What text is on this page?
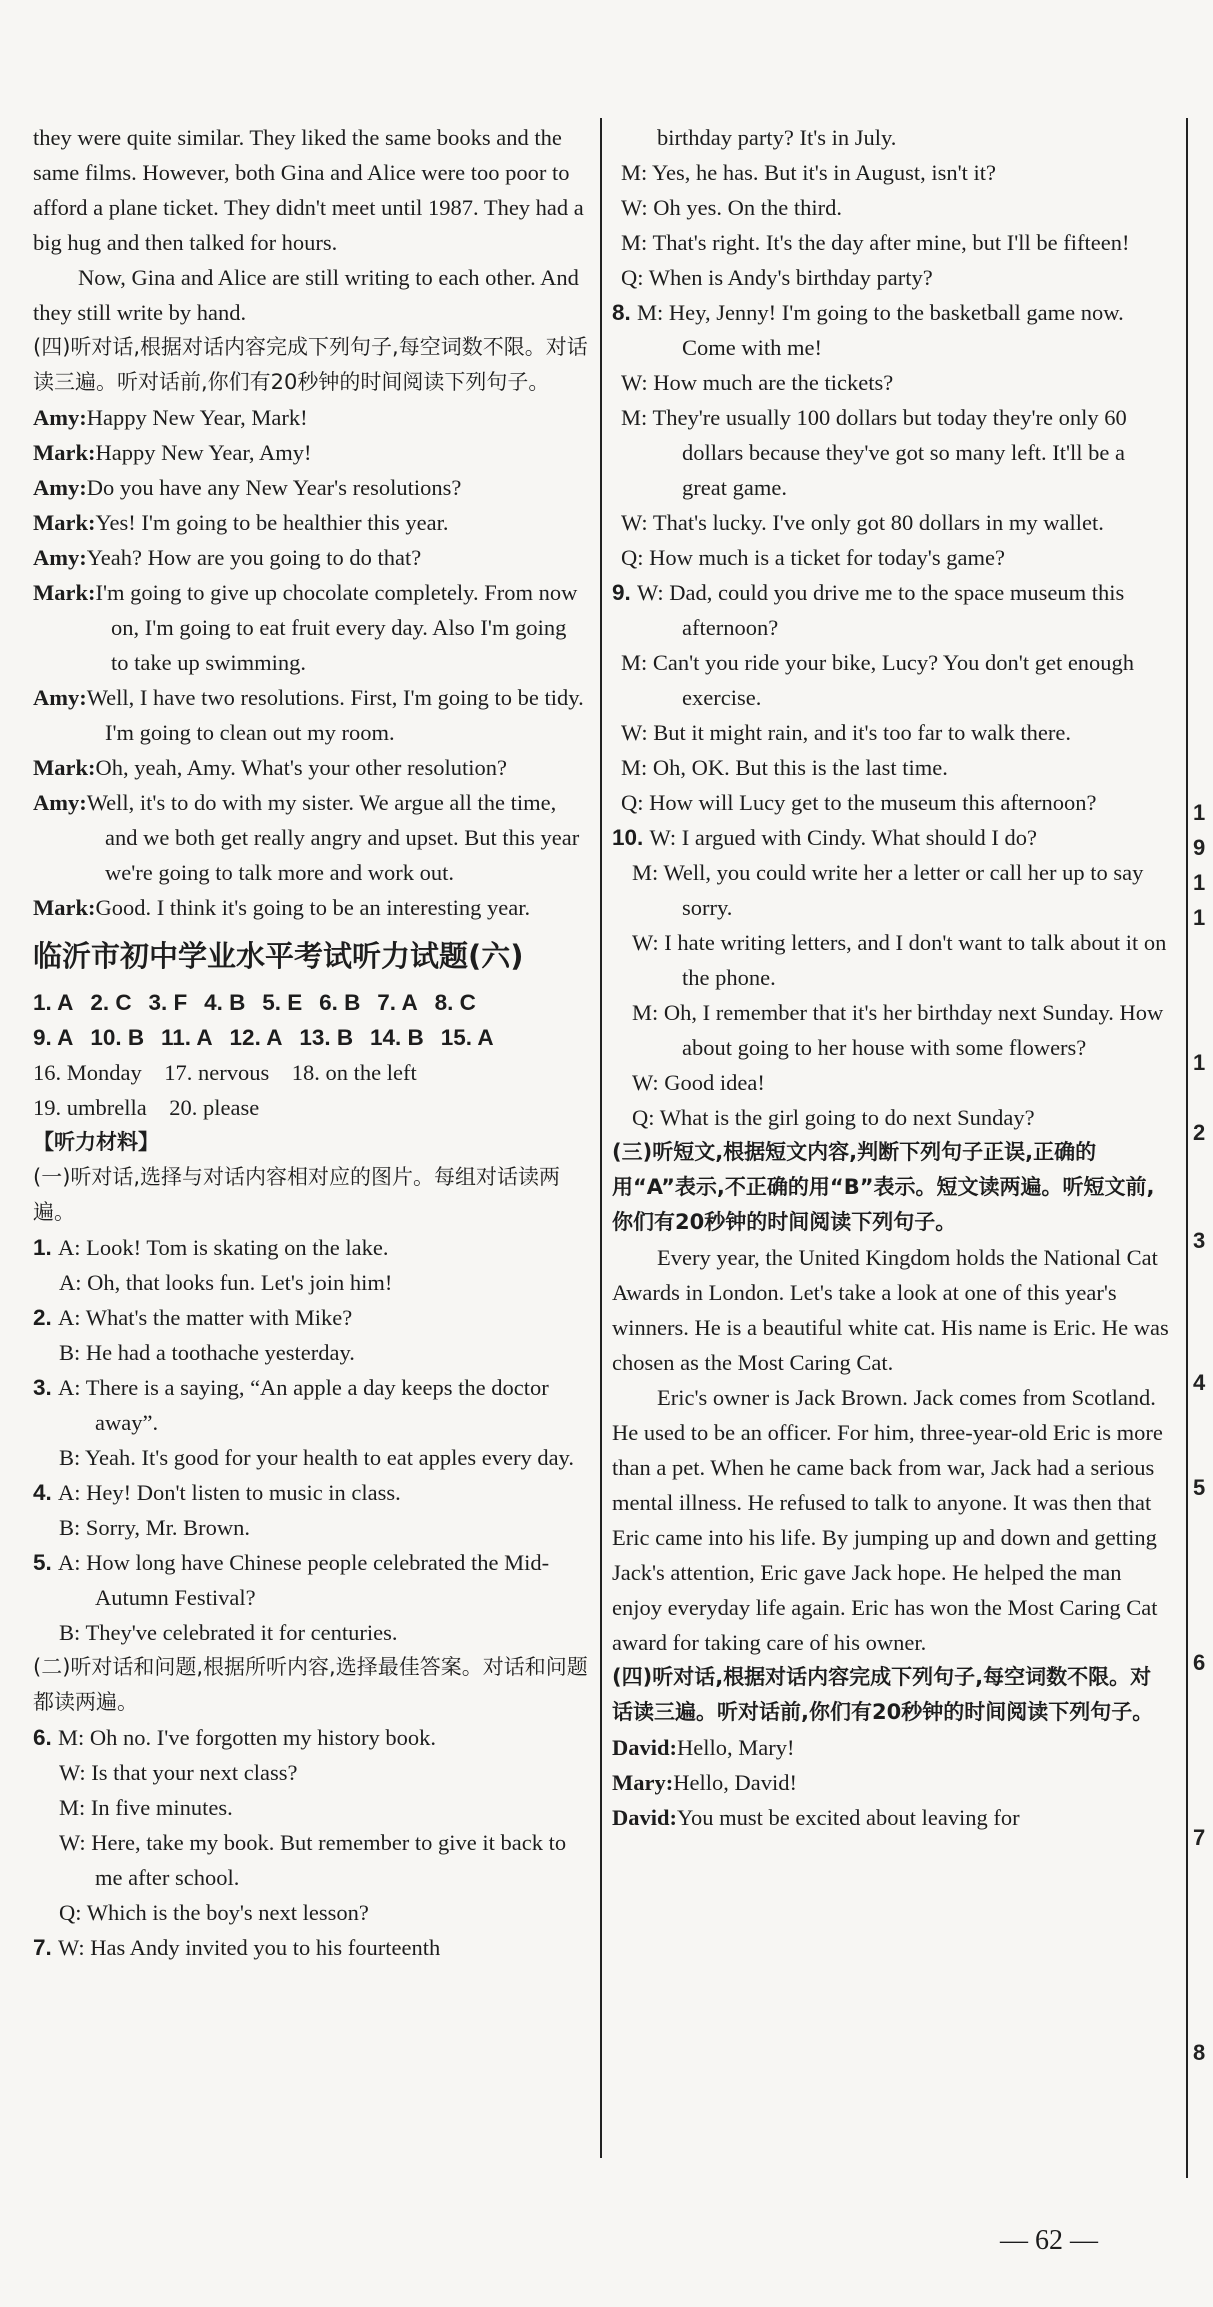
they were quite similar. They liked the same books and the same films. However, both Gina and Alice were too poor to afford a plane ticket. They didn't meet until 1987. They had a big hug and then talked for hours.

Now, Gina and Alice are still writing to each other. And they still write by hand.

(四)听对话,根据对话内容完成下列句子,每空词数不限。对话读三遍。听对话前,你们有20秒钟的时间阅读下列句子。

Amy:Happy New Year, Mark!

Mark:Happy New Year, Amy!

Amy:Do you have any New Year's resolutions?

Mark:Yes! I'm going to be healthier this year.

Amy:Yeah? How are you going to do that?

Mark:I'm going to give up chocolate completely. From now on, I'm going to eat fruit every day. Also I'm going to take up swimming.

Amy:Well, I have two resolutions. First, I'm going to be tidy. I'm going to clean out my room.

Mark:Oh, yeah, Amy. What's your other resolution?

Amy:Well, it's to do with my sister. We argue all the time, and we both get really angry and upset. But this year we're going to talk more and work out.

Mark:Good. I think it's going to be an interesting year.

临沂市初中学业水平考试听力试题(六)

1. A 2. C 3. F 4. B 5. E 6. B 7. A 8. C

9. A 10. B 11. A 12. A 13. B 14. B 15. A

16. Monday 17. nervous 18. on the left

19. umbrella 20. please

【听力材料】

(一)听对话,选择与对话内容相对应的图片。每组对话读两遍。

1. A: Look! Tom is skating on the lake.

A: Oh, that looks fun. Let's join him!

2. A: What's the matter with Mike?

B: He had a toothache yesterday.

3. A: There is a saying, “An apple a day keeps the doctor away”.

B: Yeah. It's good for your health to eat apples every day.

4. A: Hey! Don't listen to music in class.

B: Sorry, Mr. Brown.

5. A: How long have Chinese people celebrated the Mid-Autumn Festival?

B: They've celebrated it for centuries.

(二)听对话和问题,根据所听内容,选择最佳答案。对话和问题都读两遍。

6. M: Oh no. I've forgotten my history book.

W: Is that your next class?

M: In five minutes.

W: Here, take my book. But remember to give it back to me after school.

Q: Which is the boy's next lesson?

7. W: Has Andy invited you to his fourteenth

birthday party? It's in July.

M: Yes, he has. But it's in August, isn't it?

W: Oh yes. On the third.

M: That's right. It's the day after mine, but I'll be fifteen!

Q: When is Andy's birthday party?

8. M: Hey, Jenny! I'm going to the basketball game now. Come with me!

W: How much are the tickets?

M: They're usually 100 dollars but today they're only 60 dollars because they've got so many left. It'll be a great game.

W: That's lucky. I've only got 80 dollars in my wallet.

Q: How much is a ticket for today's game?

9. W: Dad, could you drive me to the space museum this afternoon?

M: Can't you ride your bike, Lucy? You don't get enough exercise.

W: But it might rain, and it's too far to walk there.

M: Oh, OK. But this is the last time.

Q: How will Lucy get to the museum this afternoon?

10. W: I argued with Cindy. What should I do?

M: Well, you could write her a letter or call her up to say sorry.

W: I hate writing letters, and I don't want to talk about it on the phone.

M: Oh, I remember that it's her birthday next Sunday. How about going to her house with some flowers?

W: Good idea!

Q: What is the girl going to do next Sunday?

(三)听短文,根据短文内容,判断下列句子正误,正确的用“A”表示,不正确的用“B”表示。短文读两遍。听短文前,你们有20秒钟的时间阅读下列句子。

Every year, the United Kingdom holds the National Cat Awards in London. Let's take a look at one of this year's winners. He is a beautiful white cat. His name is Eric. He was chosen as the Most Caring Cat.

Eric's owner is Jack Brown. Jack comes from Scotland. He used to be an officer. For him, three-year-old Eric is more than a pet. When he came back from war, Jack had a serious mental illness. He refused to talk to anyone. It was then that Eric came into his life. By jumping up and down and getting Jack's attention, Eric gave Jack hope. He helped the man enjoy everyday life again. Eric has won the Most Caring Cat award for taking care of his owner.

(四)听对话,根据对话内容完成下列句子,每空词数不限。对话读三遍。听对话前,你们有20秒钟的时间阅读下列句子。

David:Hello, Mary!

Mary:Hello, David!

David:You must be excited about leaving for

1
9
1
1
1
2
3
4
5
6
7
8
— 62 —
